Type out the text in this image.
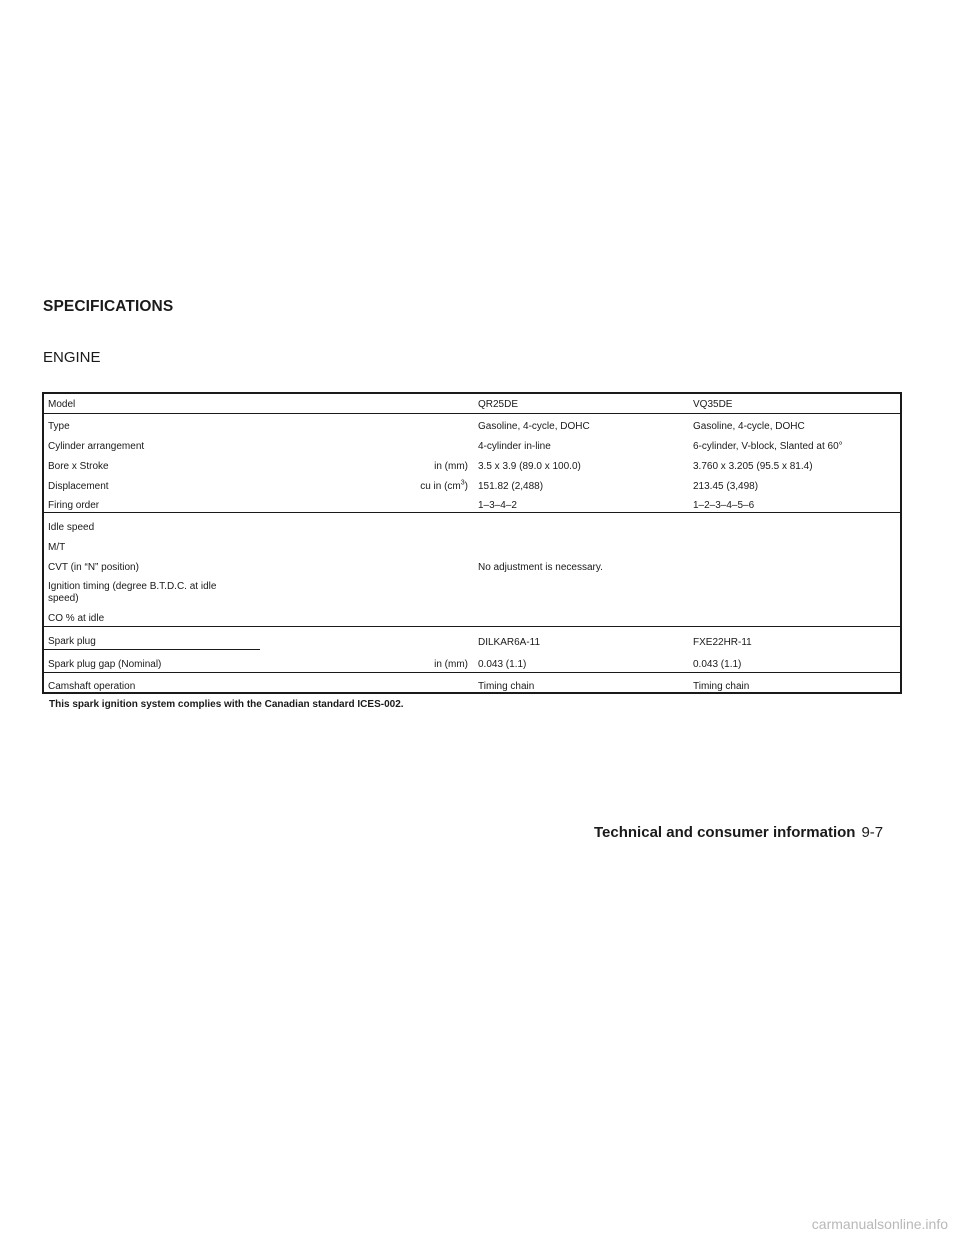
SPECIFICATIONS
ENGINE
Model	QR25DE	VQ35DE
Type	Gasoline, 4-cycle, DOHC	Gasoline, 4-cycle, DOHC
Cylinder arrangement	4-cylinder in-line	6-cylinder, V-block, Slanted at 60°
Bore x Stroke	in (mm) 3.5 x 3.9 (89.0 x 100.0)	3.760 x 3.205 (95.5 x 81.4)
Displacement	cu in $(cm^3)$ 151.82 (2,488)	213.45 (3,498)
Firing order	1–3–4–2	1–2–3–4–5–6
Idle speed
M/T
CVT (in “N” position)	No adjustment is necessary.
Ignition timing (degree B.T.D.C. at idle speed)
CO % at idle
Spark plug	DILKAR6A-11	FXE22HR-11
Spark plug gap (Nominal)	in (mm) 0.043 (1.1)	0.043 (1.1)
Camshaft operation	Timing chain	Timing chain
This spark ignition system complies with the Canadian standard ICES-002.
Technical and consumer information 9-7
carmanualsonline.info
